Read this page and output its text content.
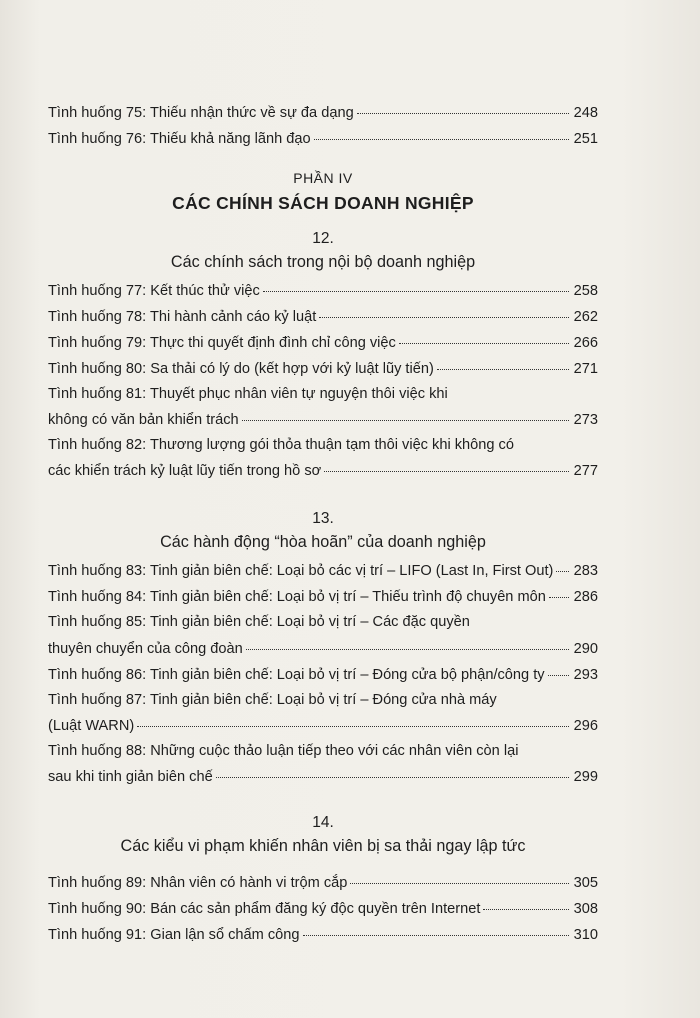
Tình huống 75: Thiếu nhận thức về sự đa dạng	248
Tình huống 76: Thiếu khả năng lãnh đạo	251
PHẦN IV
CÁC CHÍNH SÁCH DOANH NGHIỆP
12.
Các chính sách trong nội bộ doanh nghiệp
Tình huống 77: Kết thúc thử việc	258
Tình huống 78: Thi hành cảnh cáo kỷ luật	262
Tình huống 79: Thực thi quyết định đình chỉ công việc	266
Tình huống 80: Sa thải có lý do (kết hợp với kỷ luật lũy tiến)	271
Tình huống 81: Thuyết phục nhân viên tự nguyện thôi việc khi
không có văn bản khiển trách	273
Tình huống 82: Thương lượng gói thỏa thuận tạm thôi việc khi không có
các khiển trách kỷ luật lũy tiến trong hồ sơ	277
13.
Các hành động “hòa hoãn” của doanh nghiệp
Tình huống 83: Tinh giản biên chế: Loại bỏ các vị trí – LIFO (Last In, First Out) 283
Tình huống 84: Tinh giản biên chế: Loại bỏ vị trí – Thiếu trình độ chuyên môn 286
Tình huống 85: Tinh giản biên chế: Loại bỏ vị trí – Các đặc quyền
thuyên chuyển của công đoàn	290
Tình huống 86: Tinh giản biên chế: Loại bỏ vị trí – Đóng cửa bộ phận/công ty 293
Tình huống 87: Tinh giản biên chế: Loại bỏ vị trí – Đóng cửa nhà máy
(Luật WARN)	296
Tình huống 88: Những cuộc thảo luận tiếp theo với các nhân viên còn lại
sau khi tinh giản biên chế	299
14.
Các kiểu vi phạm khiến nhân viên bị sa thải ngay lập tức
Tình huống 89: Nhân viên có hành vi trộm cắp	305
Tình huống 90: Bán các sản phẩm đăng ký độc quyền trên Internet	308
Tình huống 91: Gian lận sổ chấm công	310
